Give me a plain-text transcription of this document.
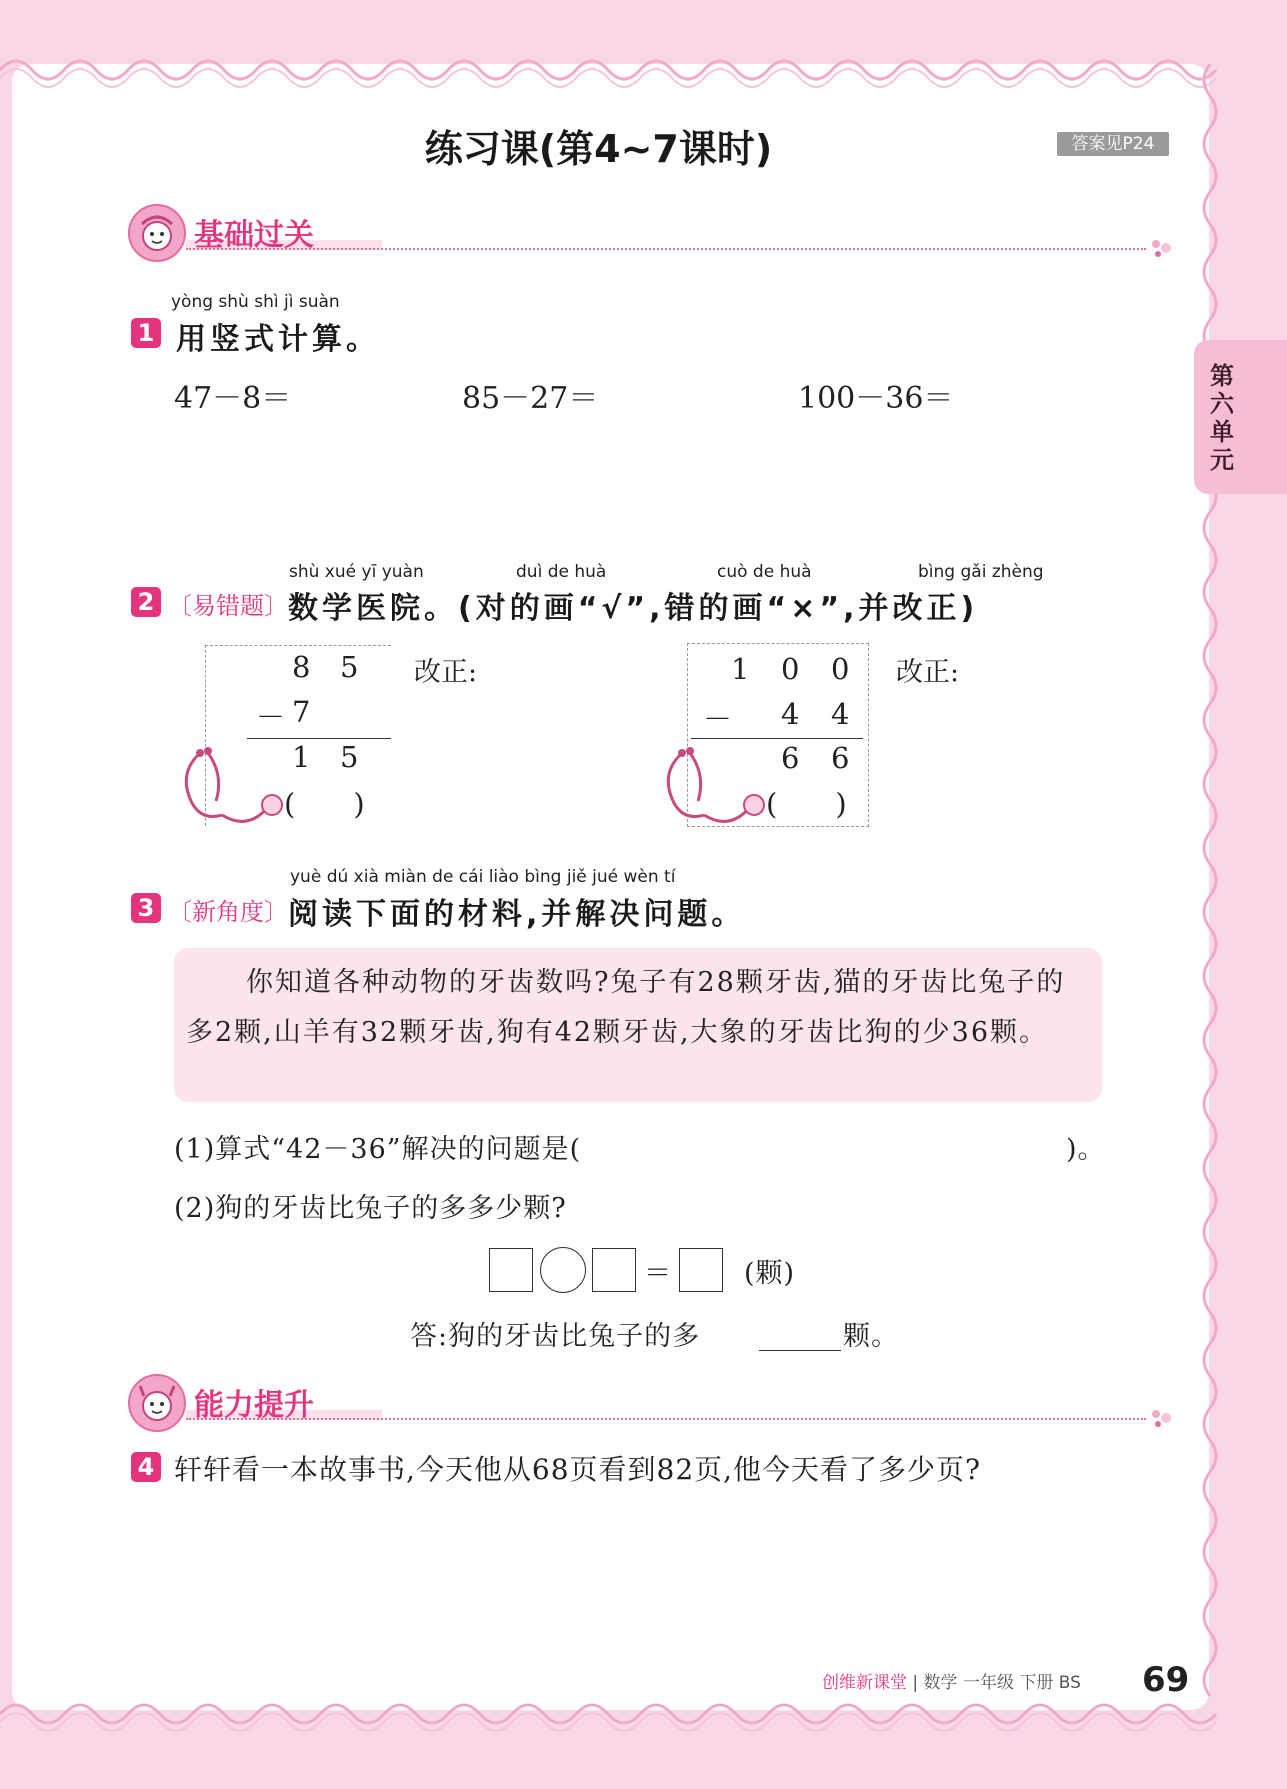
练习课(第4~7课时)	答案见P24
第六单元
基础过关
yòng shù shì jì suàn
1 用竖式计算。
47－8＝	85－27＝	100－36＝
shù xué yī yuàn	duì de huà	cuò de huà	bìng gǎi zhèng
2 〔易错题〕 数学医院。(对的画“√”,错的画“×”,并改正)
8 5
－ 7
1 5
(　　)
改正:	1 0 0
－ 4 4
6 6
(　　)
改正:
yuè dú xià miàn de cái liào bìng jiě jué wèn tí
3 〔新角度〕 阅读下面的材料,并解决问题。

你知道各种动物的牙齿数吗?兔子有28颗牙齿,猫的牙齿比兔子的多2颗,山羊有32颗牙齿,狗有42颗牙齿,大象的牙齿比狗的少36颗。

(1)算式“42－36”解决的问题是(	)。
(2)狗的牙齿比兔子的多多少颗?
＝	(颗)
答:狗的牙齿比兔子的多	颗。
能力提升
4 轩轩看一本故事书,今天他从68页看到82页,他今天看了多少页?
创维新课堂 | 数学 一年级 下册 BS 69
